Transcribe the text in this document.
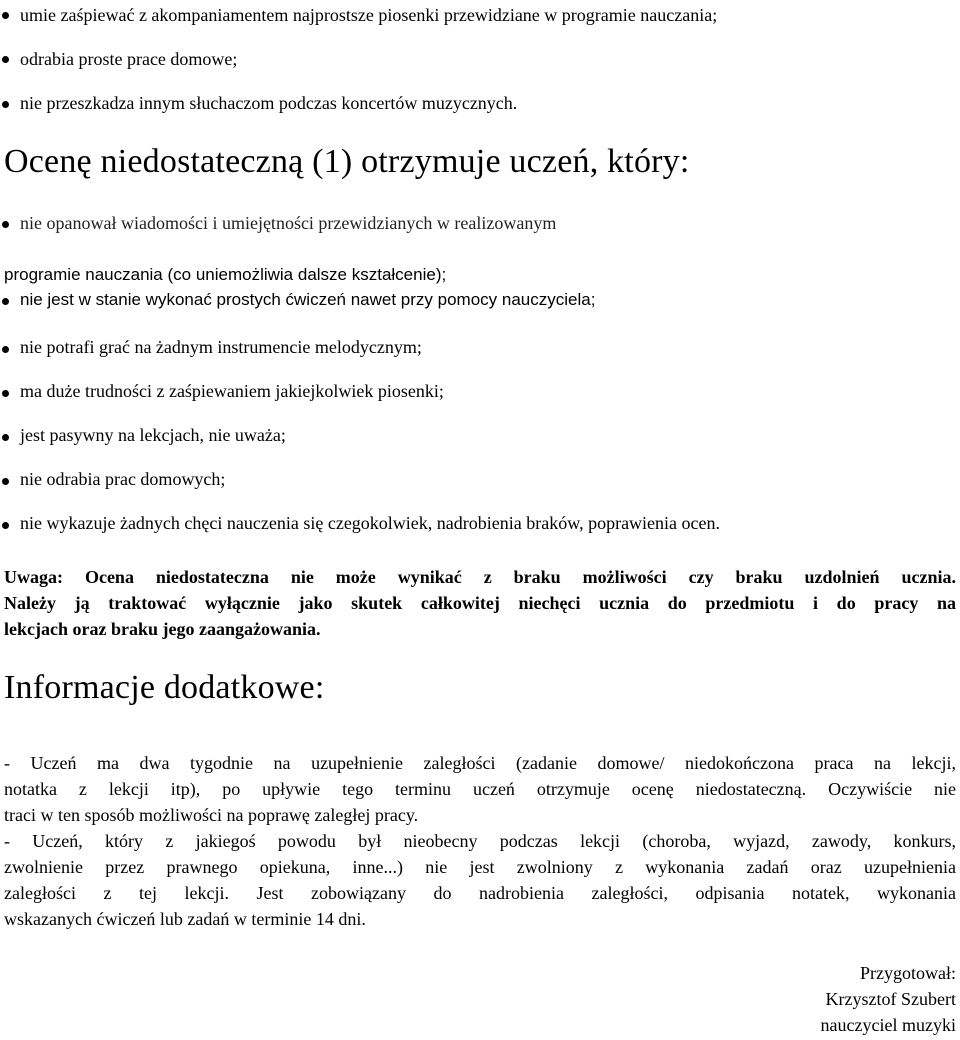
umie zaśpiewać z akompaniamentem najprostsze piosenki przewidziane w programie nauczania;
odrabia proste prace domowe;
nie przeszkadza innym słuchaczom podczas koncertów muzycznych.
Ocenę niedostateczną (1) otrzymuje uczeń, który:
nie opanował wiadomości i umiejętności przewidzianych w realizowanym
programie nauczania (co uniemożliwia dalsze kształcenie);
nie jest w stanie wykonać prostych ćwiczeń nawet przy pomocy nauczyciela;
nie potrafi grać na żadnym instrumencie melodycznym;
ma duże trudności z zaśpiewaniem jakiejkolwiek piosenki;
jest pasywny na lekcjach, nie uważa;
nie odrabia prac domowych;
nie wykazuje żadnych chęci nauczenia się czegokolwiek, nadrobienia braków, poprawienia ocen.
Uwaga: Ocena niedostateczna nie może wynikać z braku możliwości czy braku uzdolnień ucznia.
Należy ją traktować wyłącznie jako skutek całkowitej niechęci ucznia do przedmiotu i do pracy na
lekcjach oraz braku jego zaangażowania.
Informacje dodatkowe:
- Uczeń ma dwa tygodnie na uzupełnienie zaległości (zadanie domowe/ niedokończona praca na lekcji,
notatka z lekcji itp), po upływie tego terminu uczeń otrzymuje ocenę niedostateczną. Oczywiście nie
traci w ten sposób możliwości na poprawę zaległej pracy.
- Uczeń, który z jakiegoś powodu był nieobecny podczas lekcji (choroba, wyjazd, zawody, konkurs,
zwolnienie przez prawnego opiekuna, inne...) nie jest zwolniony z wykonania zadań oraz uzupełnienia
zaległości z tej lekcji. Jest zobowiązany do nadrobienia zaległości, odpisania notatek, wykonania
wskazanych ćwiczeń lub zadań w terminie 14 dni.
Przygotował:
Krzysztof Szubert
nauczyciel muzyki
